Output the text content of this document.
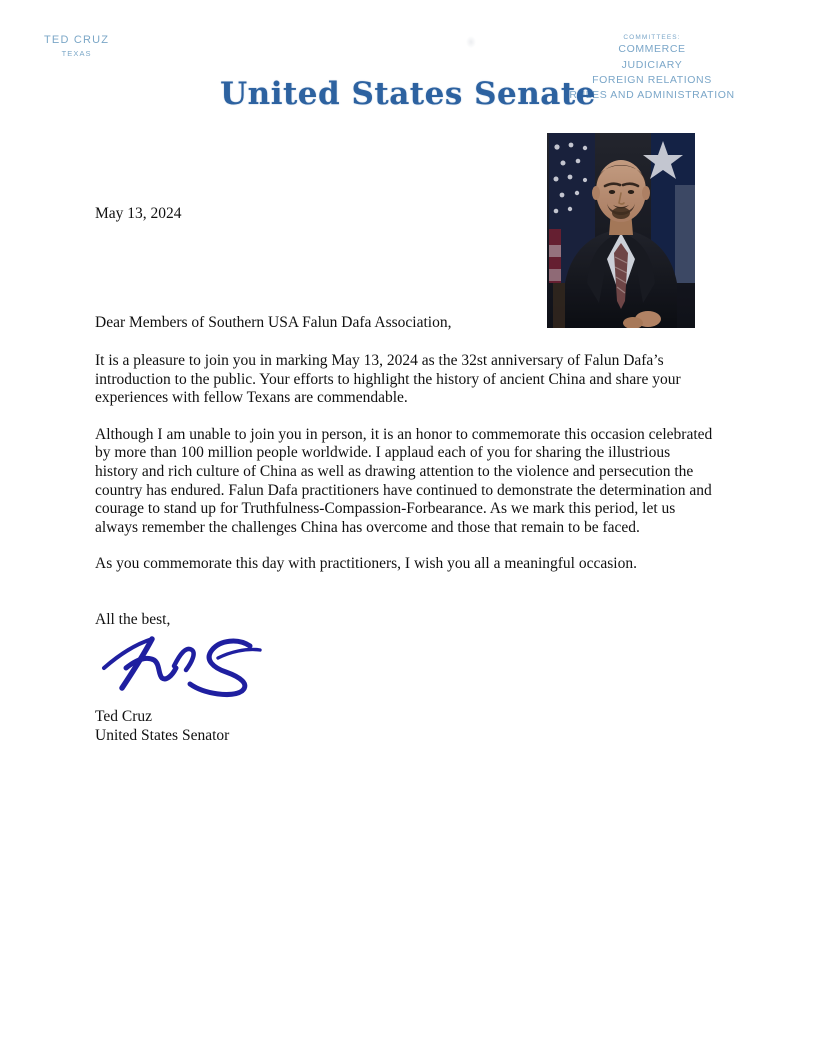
TED CRUZ
TEXAS
COMMITTEES:
COMMERCE
JUDICIARY
FOREIGN RELATIONS
RULES AND ADMINISTRATION
United States Senate
May 13, 2024
Dear Members of Southern USA Falun Dafa Association,

It is a pleasure to join you in marking May 13, 2024 as the 32st anniversary of Falun Dafa’s introduction to the public. Your efforts to highlight the history of ancient China and share your experiences with fellow Texans are commendable.

Although I am unable to join you in person, it is an honor to commemorate this occasion celebrated by more than 100 million people worldwide. I applaud each of you for sharing the illustrious history and rich culture of China as well as drawing attention to the violence and persecution the country has endured. Falun Dafa practitioners have continued to demonstrate the determination and courage to stand up for Truthfulness-Compassion-Forbearance. As we mark this period, let us always remember the challenges China has overcome and those that remain to be faced.

As you commemorate this day with practitioners, I wish you all a meaningful occasion.

All the best,
Ted Cruz
United States Senator
